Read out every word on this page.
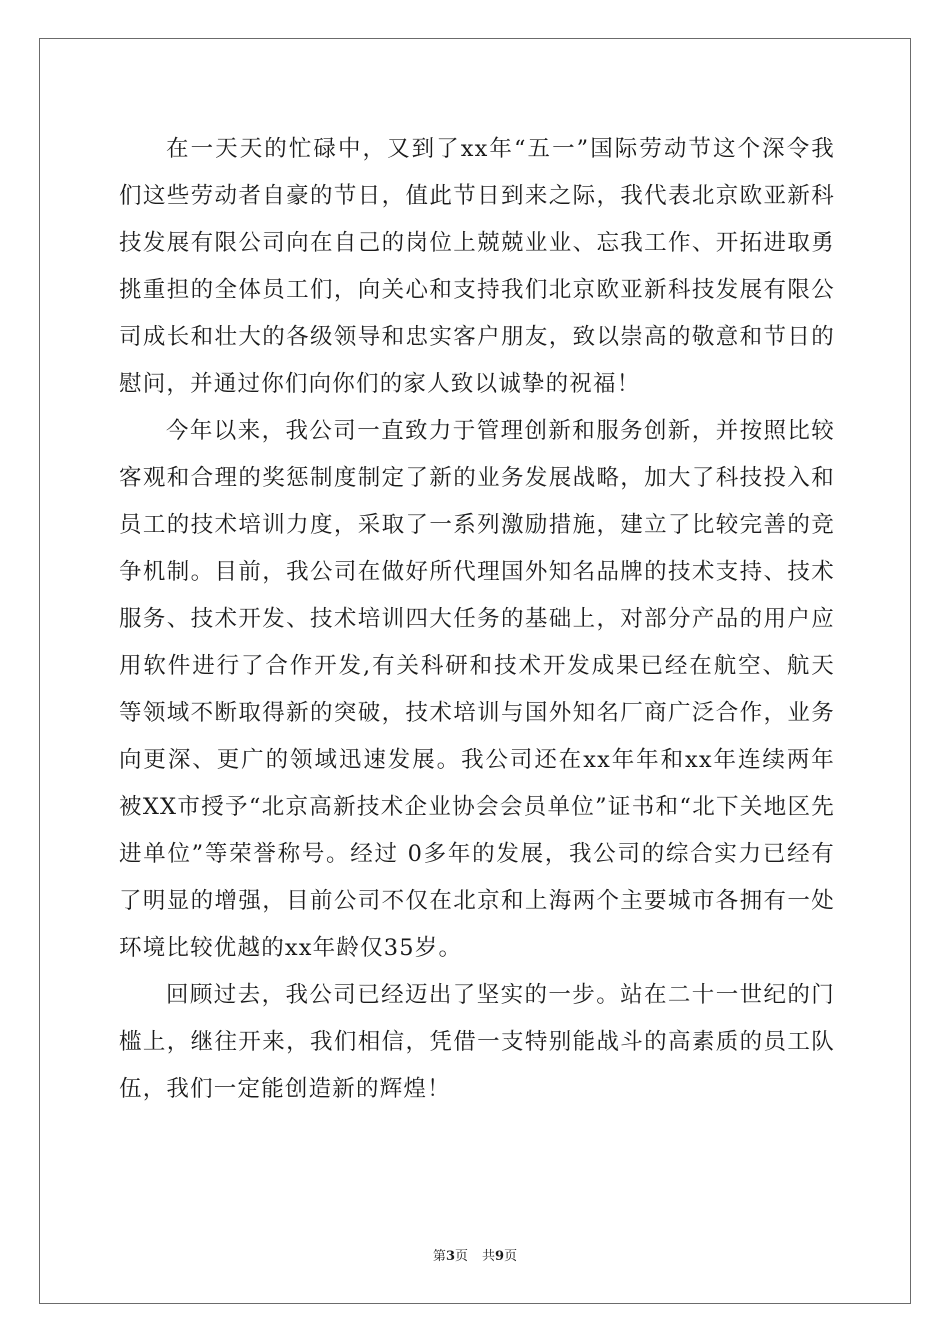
在一天天的忙碌中，又到了xx年“五一”国际劳动节这个深令我们这些劳动者自豪的节日，值此节日到来之际，我代表北京欧亚新科技发展有限公司向在自己的岗位上兢兢业业、忘我工作、开拓进取勇挑重担的全体员工们，向关心和支持我们北京欧亚新科技发展有限公司成长和壮大的各级领导和忠实客户朋友，致以崇高的敬意和节日的慰问，并通过你们向你们的家人致以诚挚的祝福！

今年以来，我公司一直致力于管理创新和服务创新，并按照比较客观和合理的奖惩制度制定了新的业务发展战略，加大了科技投入和员工的技术培训力度，采取了一系列激励措施，建立了比较完善的竞争机制。目前，我公司在做好所代理国外知名品牌的技术支持、技术服务、技术开发、技术培训四大任务的基础上，对部分产品的用户应用软件进行了合作开发,有关科研和技术开发成果已经在航空、航天等领域不断取得新的突破，技术培训与国外知名厂商广泛合作，业务向更深、更广的领域迅速发展。我公司还在xx年年和xx年连续两年被XX市授予“北京高新技术企业协会会员单位”证书和“北下关地区先进单位”等荣誉称号。经过 0多年的发展，我公司的综合实力已经有了明显的增强，目前公司不仅在北京和上海两个主要城市各拥有一处环境比较优越的xx年龄仅35岁。

回顾过去，我公司已经迈出了坚实的一步。站在二十一世纪的门槛上，继往开来，我们相信，凭借一支特别能战斗的高素质的员工队伍，我们一定能创造新的辉煌！

第3页 共9页
